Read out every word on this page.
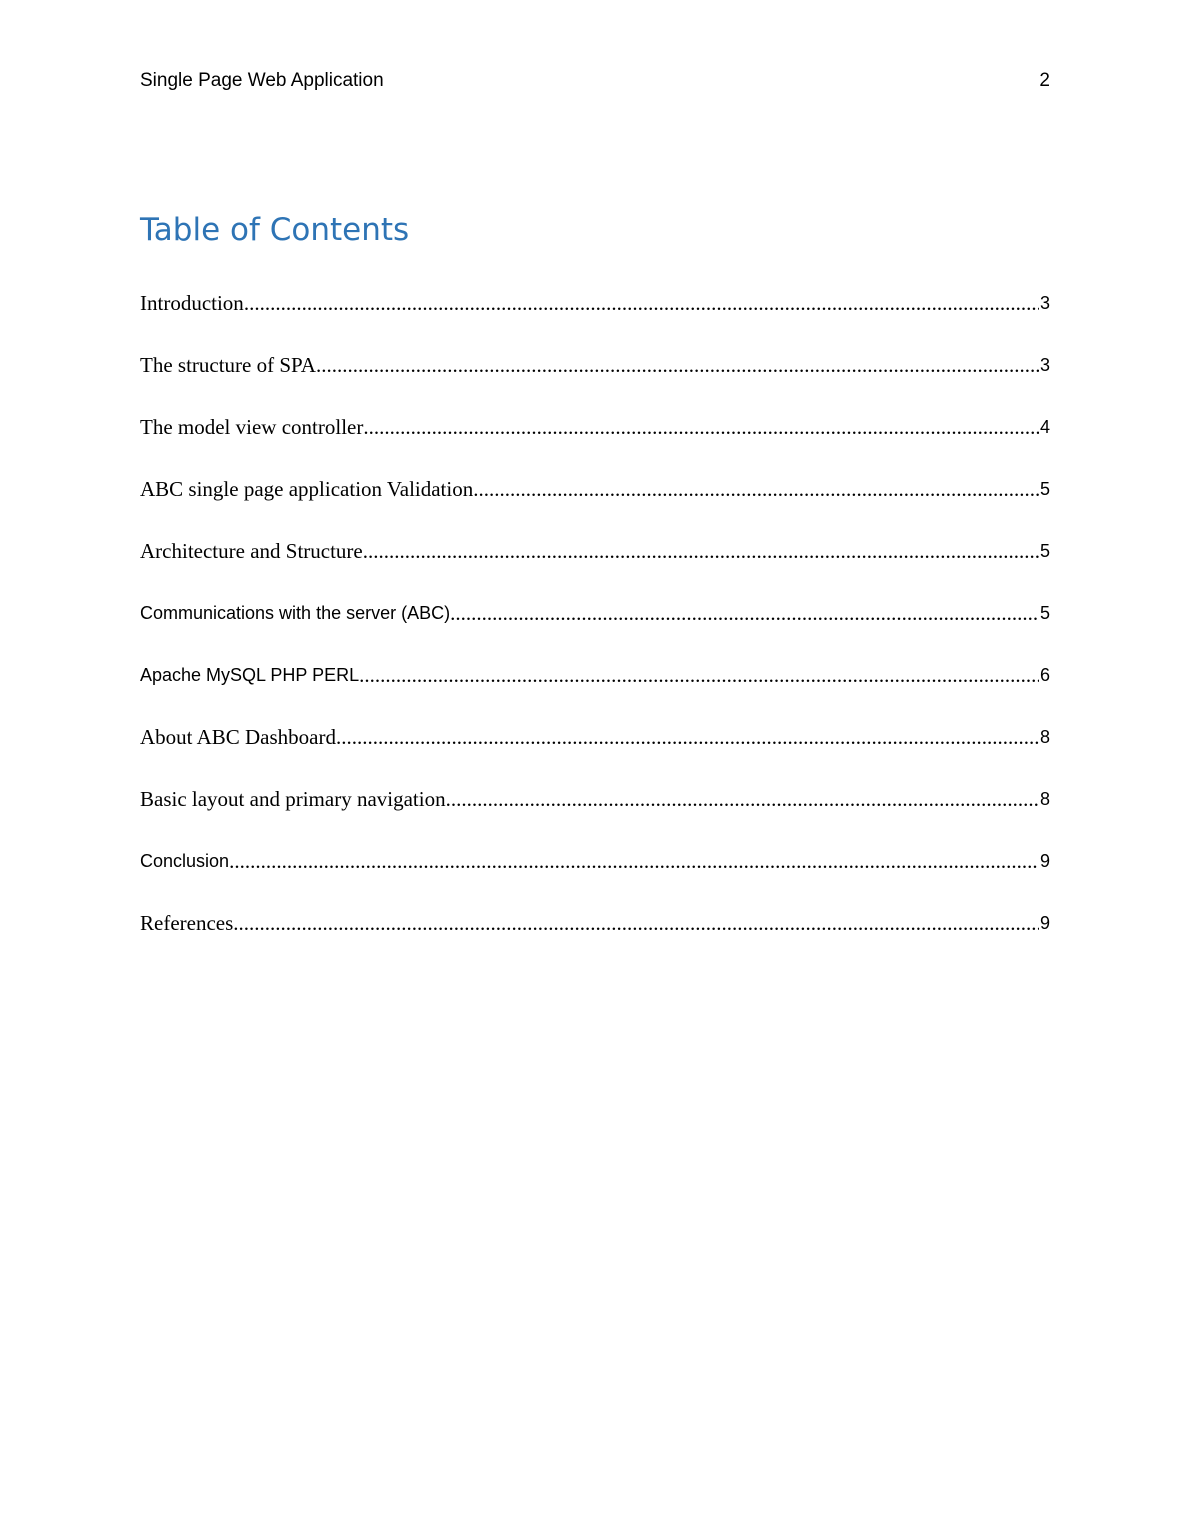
Single Page Web Application	2
Table of Contents
Introduction .....	3
The structure of SPA .....	3
The model view controller .....	4
ABC single page application Validation .....	5
Architecture and Structure .....	5
Communications with the server (ABC) .....	5
Apache MySQL PHP PERL .....	6
About ABC Dashboard .....	8
Basic layout and primary navigation .....	8
Conclusion .....	9
References .....	9
